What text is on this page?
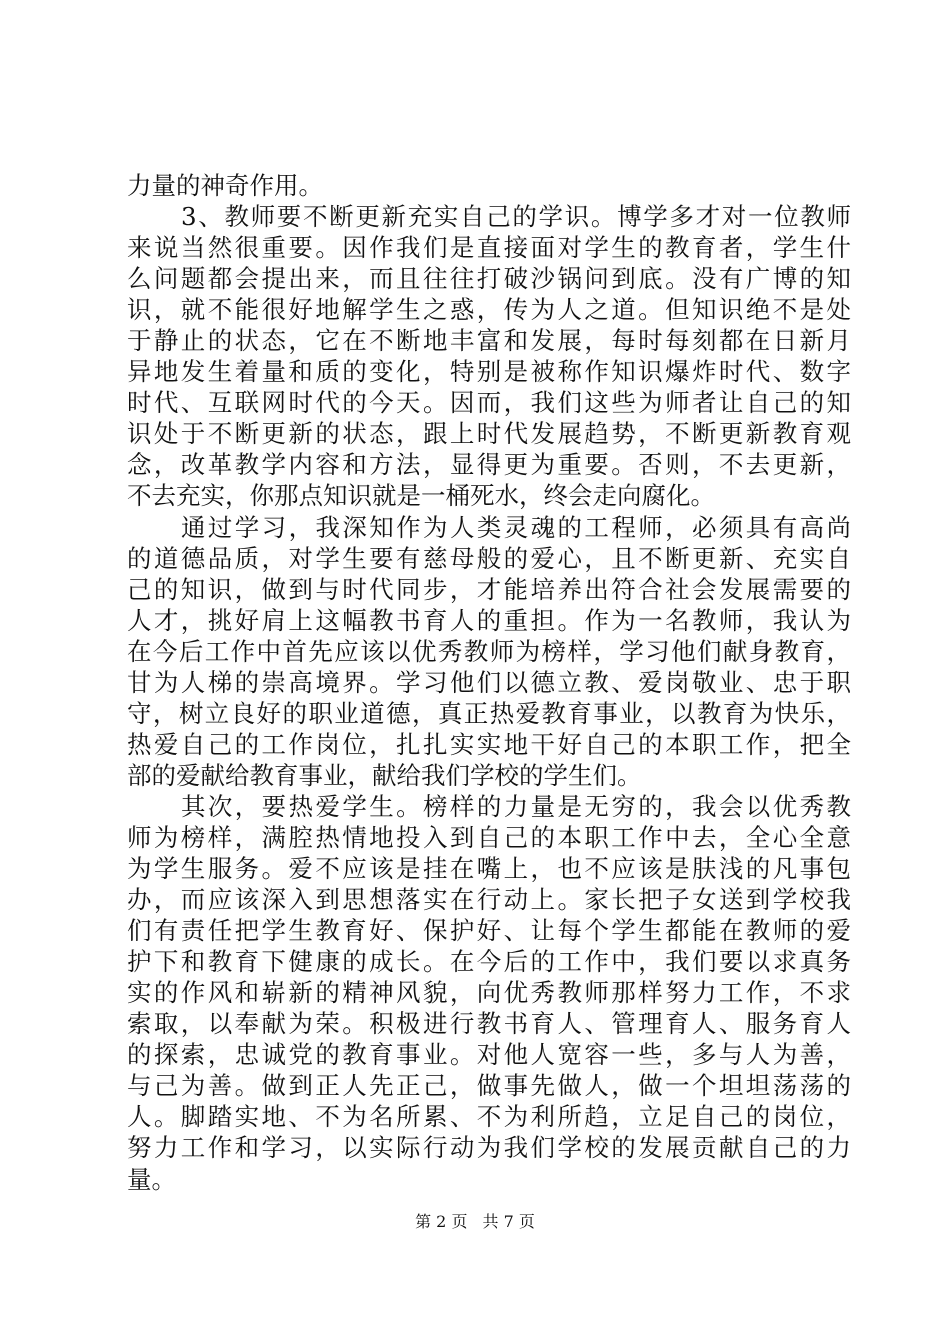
力量的神奇作用。
3、教师要不断更新充实自己的学识。博学多才对一位教师
来说当然很重要。因作我们是直接面对学生的教育者，学生什
么问题都会提出来，而且往往打破沙锅问到底。没有广博的知
识，就不能很好地解学生之惑，传为人之道。但知识绝不是处
于静止的状态，它在不断地丰富和发展，每时每刻都在日新月
异地发生着量和质的变化，特别是被称作知识爆炸时代、数字
时代、互联网时代的今天。因而，我们这些为师者让自己的知
识处于不断更新的状态，跟上时代发展趋势，不断更新教育观
念，改革教学内容和方法，显得更为重要。否则，不去更新，
不去充实，你那点知识就是一桶死水，终会走向腐化。
通过学习，我深知作为人类灵魂的工程师，必须具有高尚
的道德品质，对学生要有慈母般的爱心，且不断更新、充实自
己的知识，做到与时代同步，才能培养出符合社会发展需要的
人才，挑好肩上这幅教书育人的重担。作为一名教师，我认为
在今后工作中首先应该以优秀教师为榜样，学习他们献身教育，
甘为人梯的崇高境界。学习他们以德立教、爱岗敬业、忠于职
守，树立良好的职业道德，真正热爱教育事业，以教育为快乐，
热爱自己的工作岗位，扎扎实实地干好自己的本职工作，把全
部的爱献给教育事业，献给我们学校的学生们。
其次，要热爱学生。榜样的力量是无穷的，我会以优秀教
师为榜样，满腔热情地投入到自己的本职工作中去，全心全意
为学生服务。爱不应该是挂在嘴上，也不应该是肤浅的凡事包
办，而应该深入到思想落实在行动上。家长把子女送到学校我
们有责任把学生教育好、保护好、让每个学生都能在教师的爱
护下和教育下健康的成长。在今后的工作中，我们要以求真务
实的作风和崭新的精神风貌，向优秀教师那样努力工作，不求
索取，以奉献为荣。积极进行教书育人、管理育人、服务育人
的探索，忠诚党的教育事业。对他人宽容一些，多与人为善，
与己为善。做到正人先正己，做事先做人，做一个坦坦荡荡的
人。脚踏实地、不为名所累、不为利所趋，立足自己的岗位，
努力工作和学习，以实际行动为我们学校的发展贡献自己的力
量。
第 2 页 共 7 页
